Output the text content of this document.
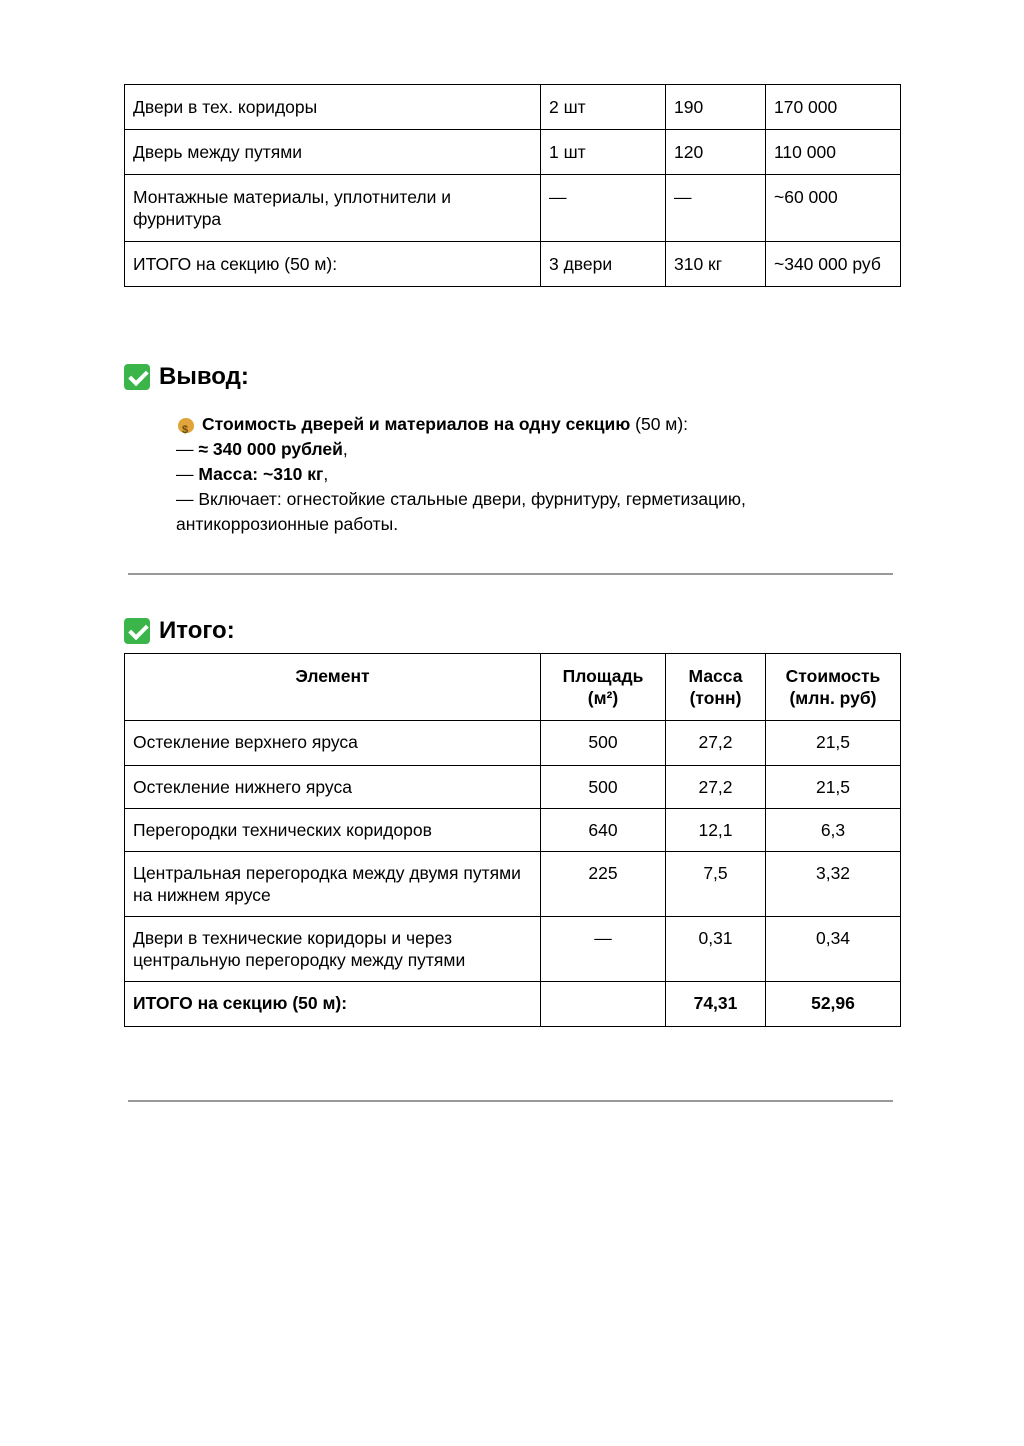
Двери в тех. коридоры	2 шт	190	170 000
Дверь между путями	1 шт	120	110 000
Монтажные материалы, уплотнители и фурнитура	—	—	~60 000
ИТОГО на секцию (50 м):	3 двери	310 кг	~340 000 руб
Вывод:

$Стоимость дверей и материалов на одну секцию (50 м):

— ≈ 340 000 рублей,

— Масса: ~310 кг,

— Включает: огнестойкие стальные двери, фурнитуру, герметизацию, антикоррозионные работы.

Итого:
Элемент	Площадь (м²)	Масса (тонн)	Стоимость (млн. руб)
Остекление верхнего яруса	500	27,2	21,5
Остекление нижнего яруса	500	27,2	21,5
Перегородки технических коридоров	640	12,1	6,3
Центральная перегородка между двумя путями на нижнем ярусе	225	7,5	3,32
Двери в технические коридоры и через центральную перегородку между путями	—	0,31	0,34
ИТОГО на секцию (50 м):		74,31	52,96
